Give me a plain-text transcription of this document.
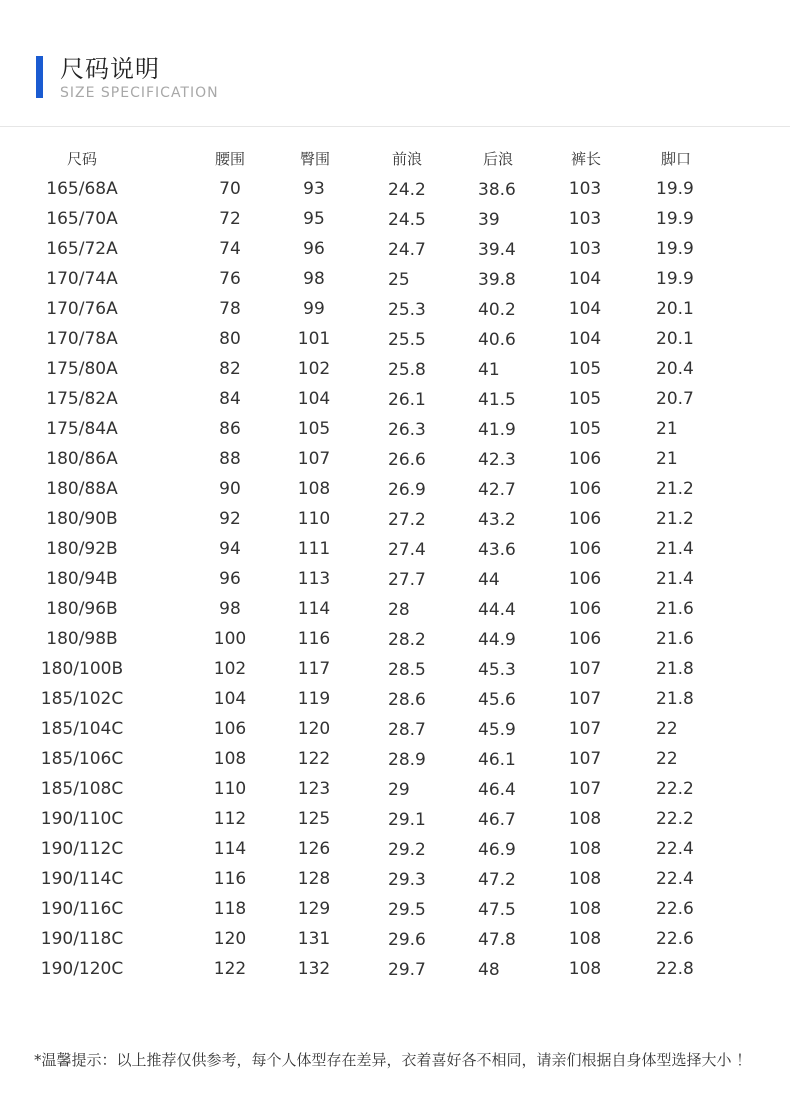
尺码说明
SIZE SPECIFICATION
尺码	腰围	臀围	前浪	后浪	裤长	脚口
165/68A	70	93	24.2	38.6	103	19.9
165/70A	72	95	24.5	39	103	19.9
165/72A	74	96	24.7	39.4	103	19.9
170/74A	76	98	25	39.8	104	19.9
170/76A	78	99	25.3	40.2	104	20.1
170/78A	80	101	25.5	40.6	104	20.1
175/80A	82	102	25.8	41	105	20.4
175/82A	84	104	26.1	41.5	105	20.7
175/84A	86	105	26.3	41.9	105	21
180/86A	88	107	26.6	42.3	106	21
180/88A	90	108	26.9	42.7	106	21.2
180/90B	92	110	27.2	43.2	106	21.2
180/92B	94	111	27.4	43.6	106	21.4
180/94B	96	113	27.7	44	106	21.4
180/96B	98	114	28	44.4	106	21.6
180/98B	100	116	28.2	44.9	106	21.6
180/100B	102	117	28.5	45.3	107	21.8
185/102C	104	119	28.6	45.6	107	21.8
185/104C	106	120	28.7	45.9	107	22
185/106C	108	122	28.9	46.1	107	22
185/108C	110	123	29	46.4	107	22.2
190/110C	112	125	29.1	46.7	108	22.2
190/112C	114	126	29.2	46.9	108	22.4
190/114C	116	128	29.3	47.2	108	22.4
190/116C	118	129	29.5	47.5	108	22.6
190/118C	120	131	29.6	47.8	108	22.6
190/120C	122	132	29.7	48	108	22.8
*温馨提示：以上推荐仅供参考，每个人体型存在差异，衣着喜好各不相同，请亲们根据自身体型选择大小 ！
